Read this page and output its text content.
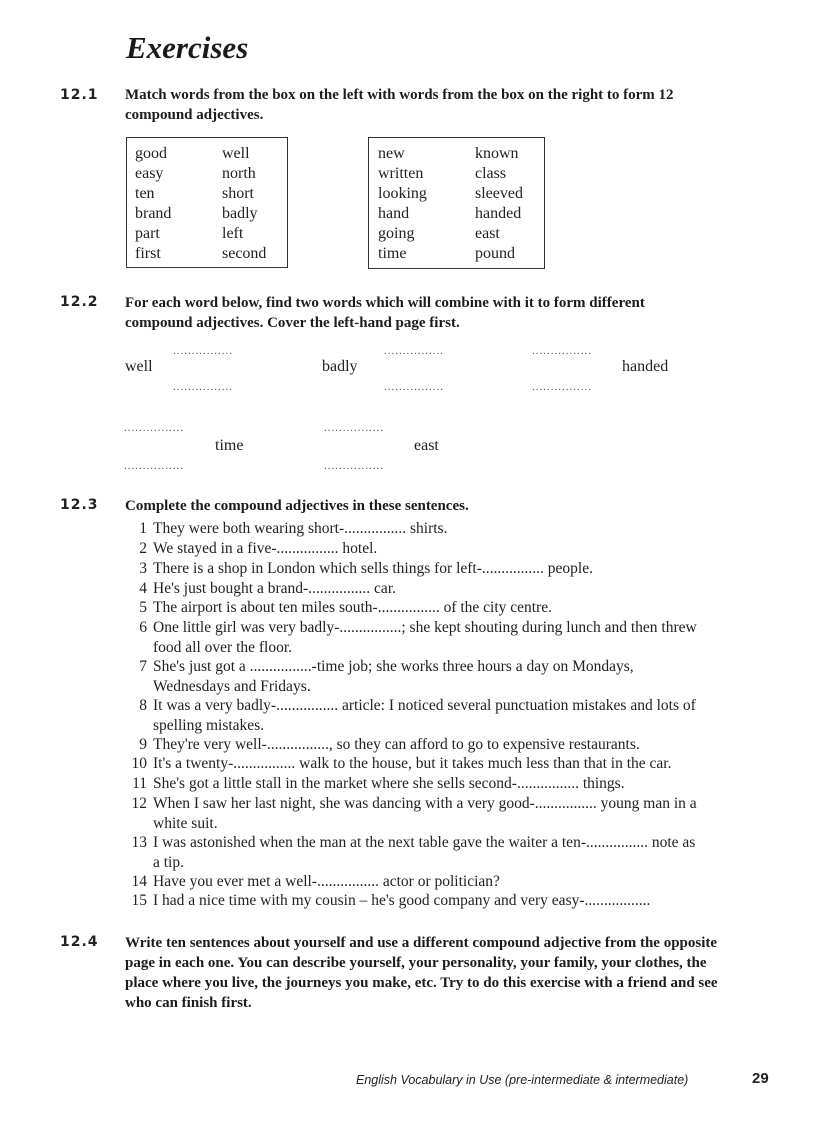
Exercises
12.1 Match words from the box on the left with words from the box on the right to form 12
compound adjectives.
good	well
easy	north
ten	short
brand	badly
part	left
first	second
new	known
written	class
looking	sleeved
hand	handed
going	east
time	pound
12.2 For each word below, find two words which will combine with it to form different
compound adjectives. Cover the left-hand page first.
................
well
................
................
badly
................
................
handed
................
................
time
................
................
east
................
12.3 Complete the compound adjectives in these sentences.
1 They were both wearing short-................ shirts.
2 We stayed in a five-................ hotel.
3 There is a shop in London which sells things for left-................ people.
4 He's just bought a brand-................ car.
5 The airport is about ten miles south-................ of the city centre.
6 One little girl was very badly-................; she kept shouting during lunch and then threw
food all over the floor.
7 She's just got a ................-time job; she works three hours a day on Mondays,
Wednesdays and Fridays.
8 It was a very badly-................ article: I noticed several punctuation mistakes and lots of
spelling mistakes.
9 They're very well-................, so they can afford to go to expensive restaurants.
10 It's a twenty-................ walk to the house, but it takes much less than that in the car.
11 She's got a little stall in the market where she sells second-................ things.
12 When I saw her last night, she was dancing with a very good-................ young man in a
white suit.
13 I was astonished when the man at the next table gave the waiter a ten-................ note as
a tip.
14 Have you ever met a well-................ actor or politician?
15 I had a nice time with my cousin – he's good company and very easy-.................
12.4 Write ten sentences about yourself and use a different compound adjective from the opposite
page in each one. You can describe yourself, your personality, your family, your clothes, the
place where you live, the journeys you make, etc. Try to do this exercise with a friend and see
who can finish first.
English Vocabulary in Use (pre-intermediate & intermediate)	29
